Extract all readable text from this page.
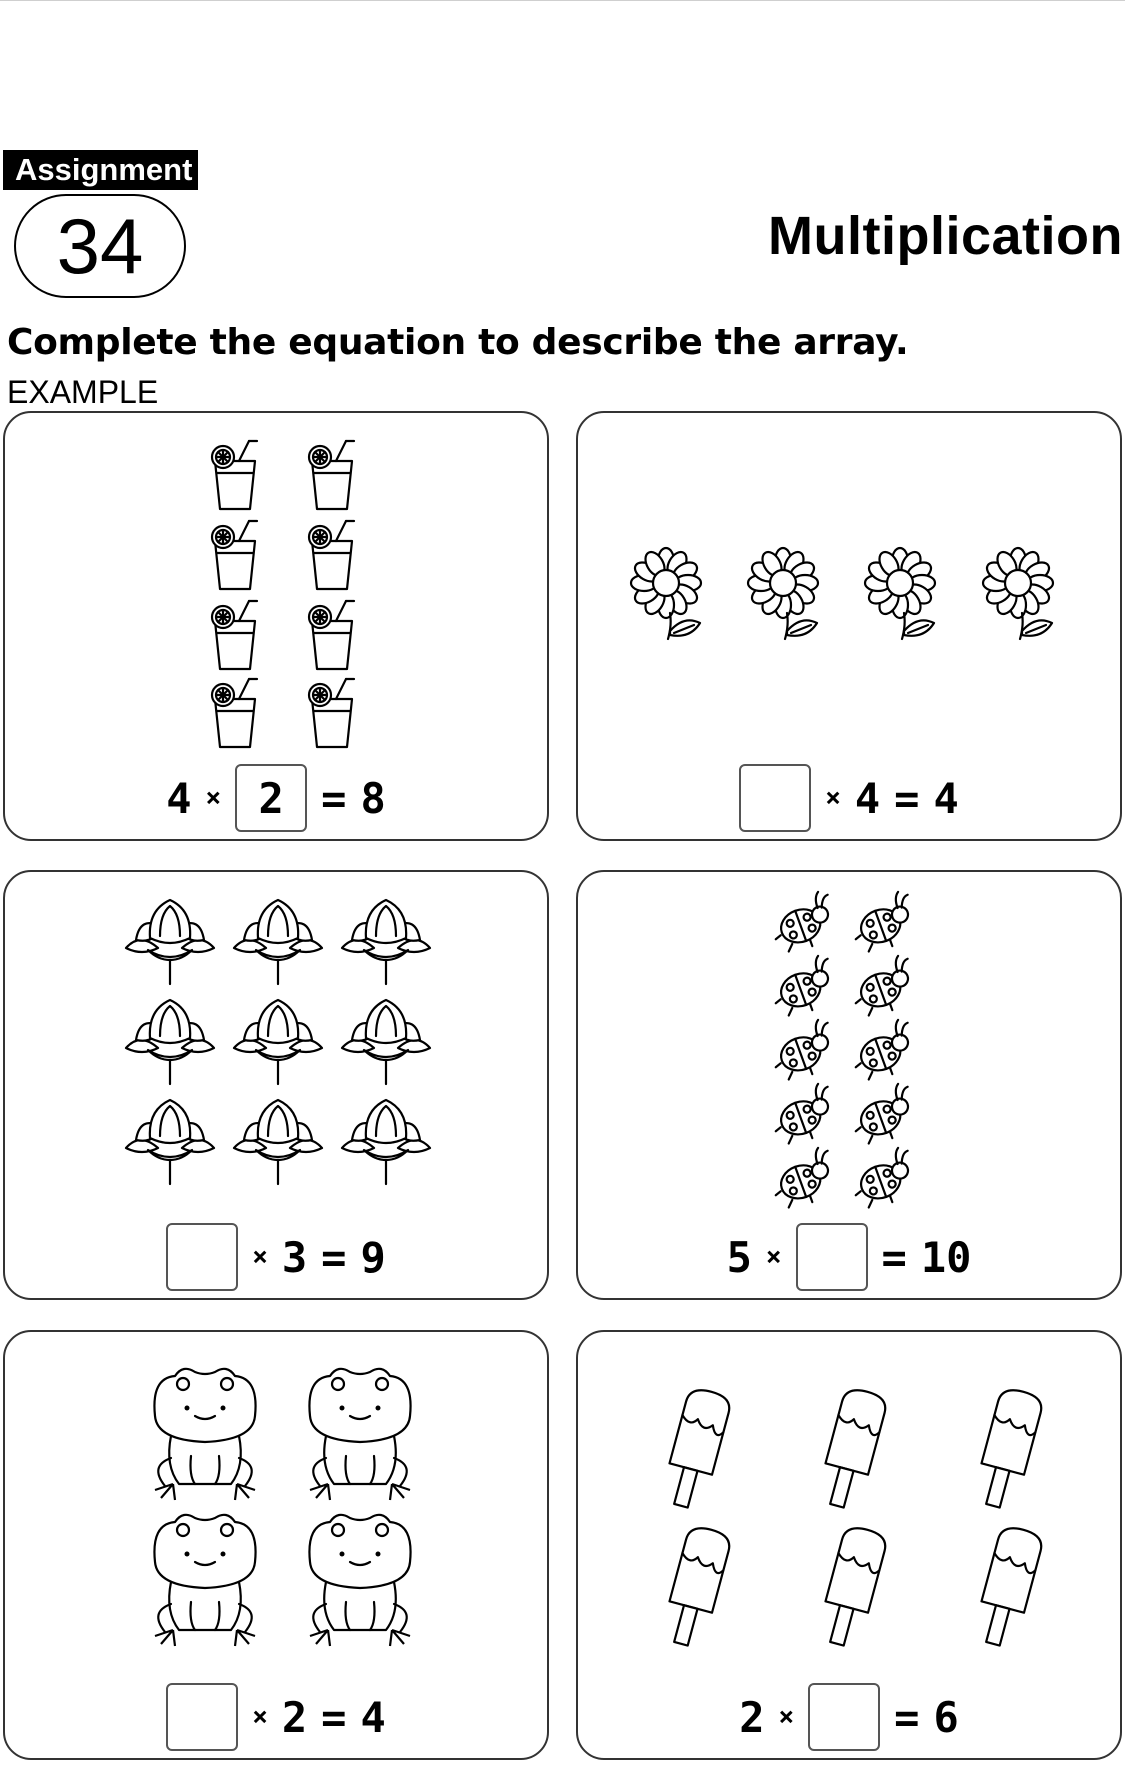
Assignment
34	Multiplication
Complete the equation to describe the array.
EXAMPLE
4 × 2 = 8	× 4 = 4
× 3 = 9	5 × = 10
× 2 = 4	2 × = 6
